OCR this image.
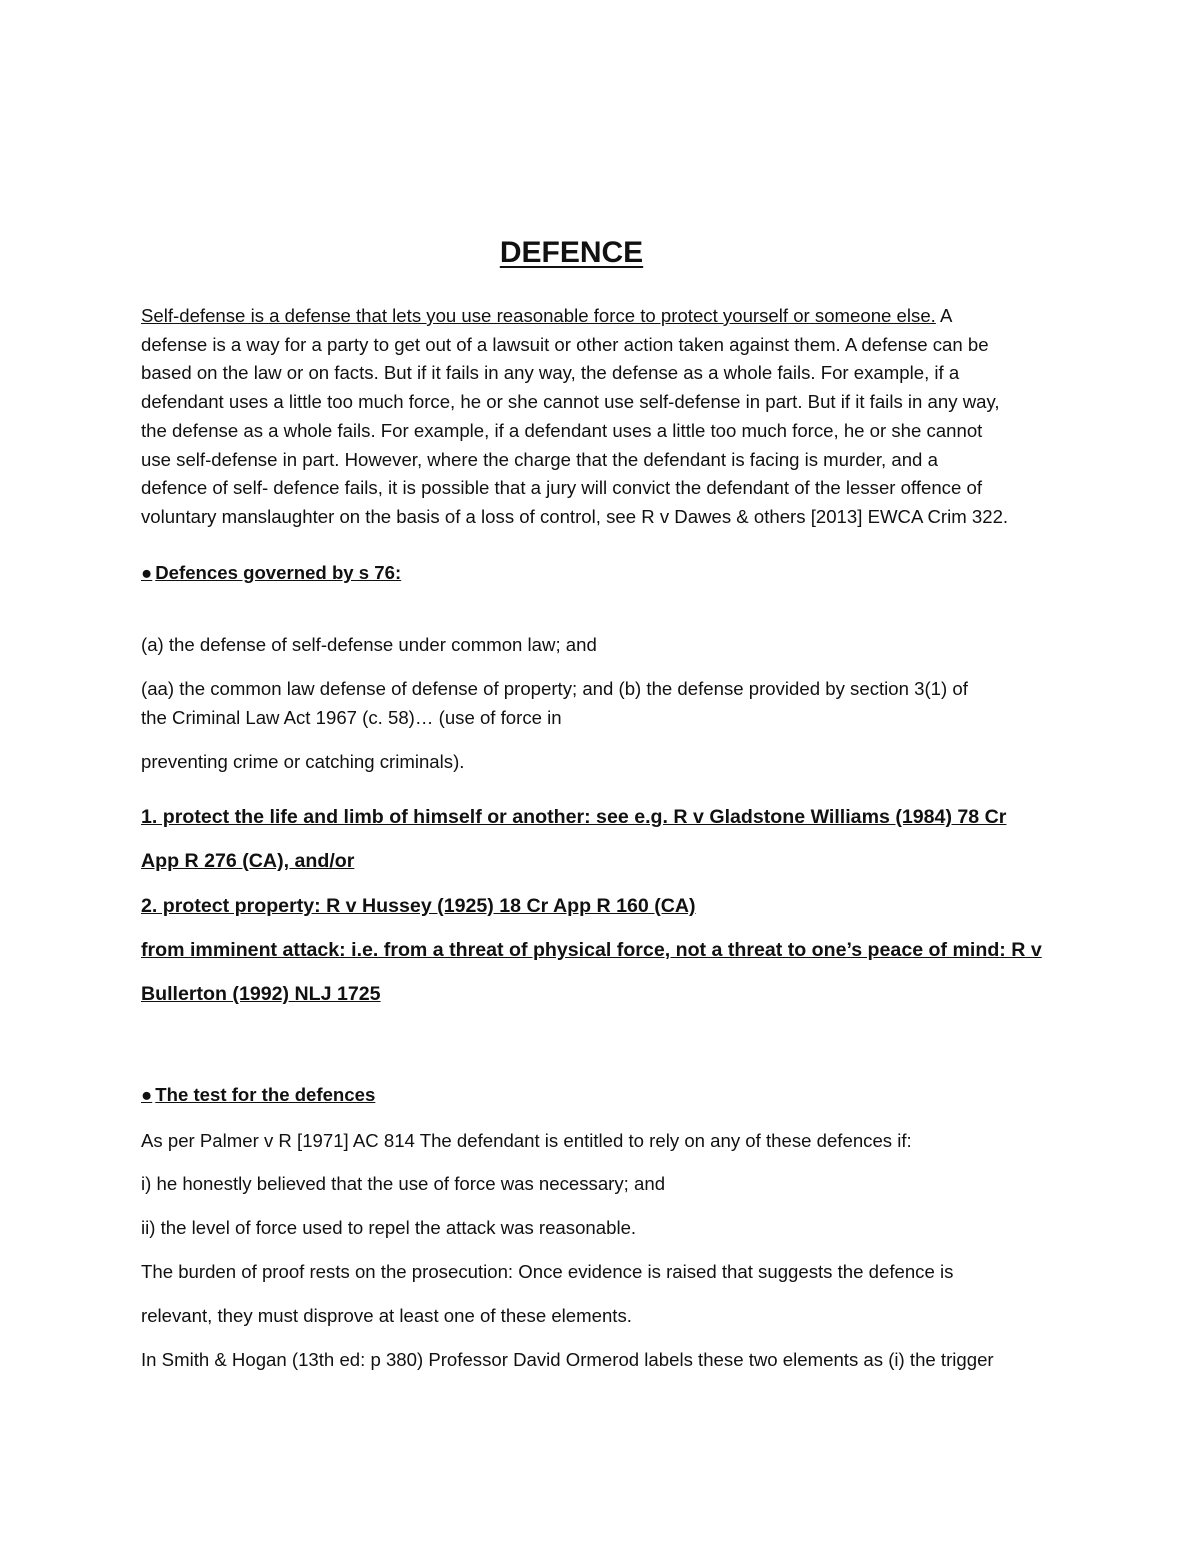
DEFENCE
Self-defense is a defense that lets you use reasonable force to protect yourself or someone else. A
defense is a way for a party to get out of a lawsuit or other action taken against them. A defense can be
based on the law or on facts. But if it fails in any way, the defense as a whole fails. For example, if a
defendant uses a little too much force, he or she cannot use self-defense in part. But if it fails in any way,
the defense as a whole fails. For example, if a defendant uses a little too much force, he or she cannot
use self-defense in part. However, where the charge that the defendant is facing is murder, and a
defence of self- defence fails, it is possible that a jury will convict the defendant of the lesser offence of
voluntary manslaughter on the basis of a loss of control, see R v Dawes & others [2013] EWCA Crim 322.
● Defences governed by s 76:
(a) the defense of self-defense under common law; and
(aa) the common law defense of defense of property; and (b) the defense provided by section 3(1) of
the Criminal Law Act 1967 (c. 58)… (use of force in
preventing crime or catching criminals).
1. protect the life and limb of himself or another: see e.g. R v Gladstone Williams (1984) 78 Cr
App R 276 (CA), and/or
2. protect property: R v Hussey (1925) 18 Cr App R 160 (CA)
from imminent attack: i.e. from a threat of physical force, not a threat to one’s peace of mind: R v
Bullerton (1992) NLJ 1725
● The test for the defences
As per Palmer v R [1971] AC 814 The defendant is entitled to rely on any of these defences if:
i) he honestly believed that the use of force was necessary; and
ii) the level of force used to repel the attack was reasonable.
The burden of proof rests on the prosecution: Once evidence is raised that suggests the defence is
relevant, they must disprove at least one of these elements.
In Smith & Hogan (13th ed: p 380) Professor David Ormerod labels these two elements as (i) the trigger
